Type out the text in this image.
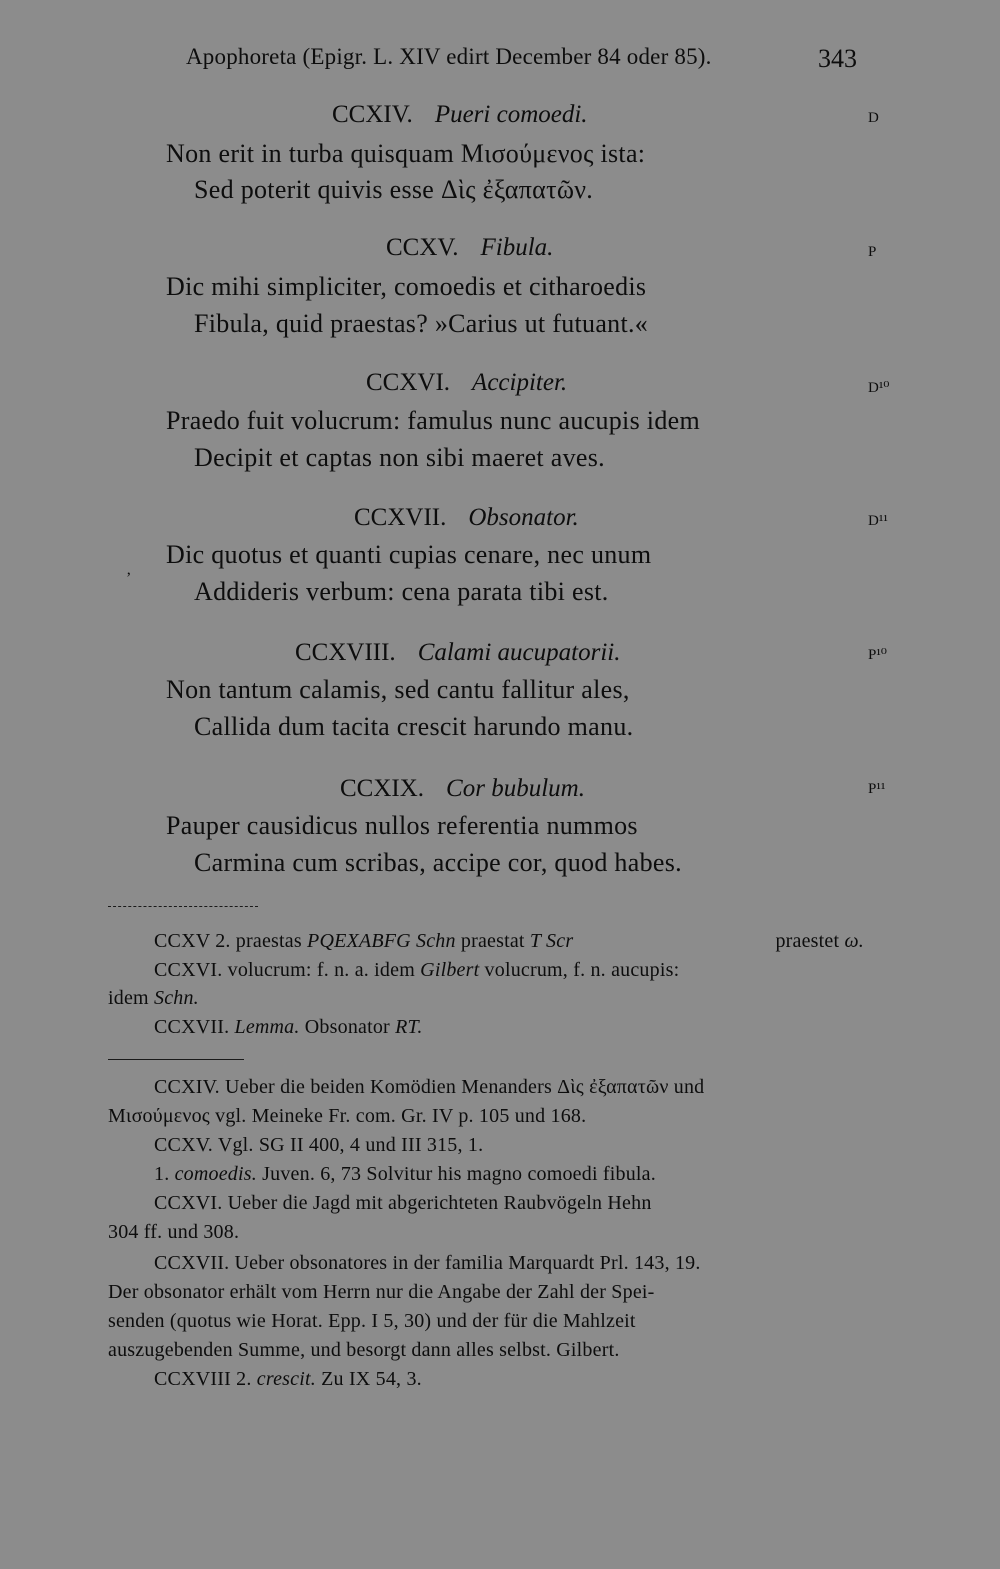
Apophoreta (Epigr. L. XIV edirt December 84 oder 85).	343
CCXIV. Pueri comoedi.	D
Non erit in turba quisquam Μισούμενος ista:
Sed poterit quivis esse Δὶς ἐξαπατῶν.
CCXV. Fibula.	P
Dic mihi simpliciter, comoedis et citharoedis
Fibula, quid praestas? »Carius ut futuant.«
CCXVI. Accipiter.	D¹⁰
Praedo fuit volucrum: famulus nunc aucupis idem
Decipit et captas non sibi maeret aves.
CCXVII. Obsonator.	D¹¹
Dic quotus et quanti cupias cenare, nec unum
Addideris verbum: cena parata tibi est.
ʼ
CCXVIII. Calami aucupatorii.	P¹⁰
Non tantum calamis, sed cantu fallitur ales,
Callida dum tacita crescit harundo manu.
CCXIX. Cor bubulum.	P¹¹
Pauper causidicus nullos referentia nummos
Carmina cum scribas, accipe cor, quod habes.
CCXV 2. praestas PQEXABFG Schn praestat T Scr	praestet ω.
CCXVI. volucrum: f. n. a. idem Gilbert volucrum, f. n. aucupis:
idem Schn.
CCXVII. Lemma. Obsonator RT.
CCXIV. Ueber die beiden Komödien Menanders Δὶς ἐξαπατῶν und
Μισούμενος vgl. Meineke Fr. com. Gr. IV p. 105 und 168.
CCXV. Vgl. SG II 400, 4 und III 315, 1.
1. comoedis. Juven. 6, 73 Solvitur his magno comoedi fibula.
CCXVI. Ueber die Jagd mit abgerichteten Raubvögeln Hehn
304 ff. und 308.
CCXVII. Ueber obsonatores in der familia Marquardt Prl. 143, 19.
Der obsonator erhält vom Herrn nur die Angabe der Zahl der Spei-
senden (quotus wie Horat. Epp. I 5, 30) und der für die Mahlzeit
auszugebenden Summe, und besorgt dann alles selbst. Gilbert.
CCXVIII 2. crescit. Zu IX 54, 3.
